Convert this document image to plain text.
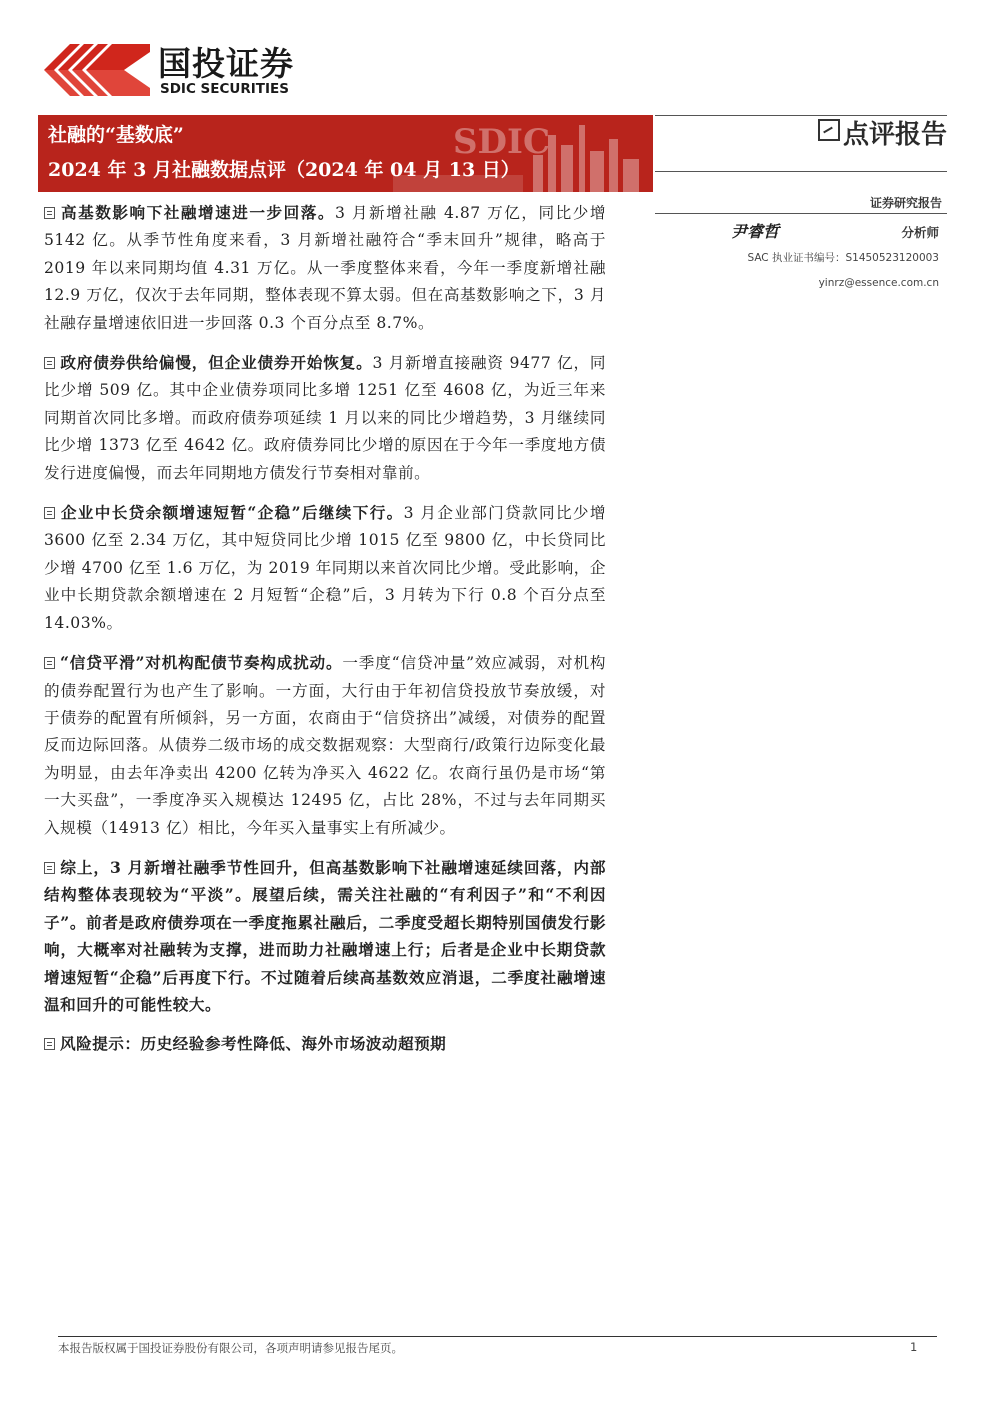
国投证券
SDIC SECURITIES
SDIC
社融的“基数底”
2024 年 3 月社融数据点评（2024 年 04 月 13 日）
点评报告
证券研究报告
尹睿哲	分析师
SAC 执业证书编号：S1450523120003
yinrz@essence.com.cn

高基数影响下社融增速进一步回落。3 月新增社融 4.87 万亿，同比少增 5142 亿。从季节性角度来看，3 月新增社融符合“季末回升”规律，略高于 2019 年以来同期均值 4.31 万亿。从一季度整体来看，今年一季度新增社融 12.9 万亿，仅次于去年同期，整体表现不算太弱。但在高基数影响之下，3 月社融存量增速依旧进一步回落 0.3 个百分点至 8.7%。

政府债券供给偏慢，但企业债券开始恢复。3 月新增直接融资 9477 亿，同比少增 509 亿。其中企业债券项同比多增 1251 亿至 4608 亿，为近三年来同期首次同比多增。而政府债券项延续 1 月以来的同比少增趋势，3 月继续同比少增 1373 亿至 4642 亿。政府债券同比少增的原因在于今年一季度地方债发行进度偏慢，而去年同期地方债发行节奏相对靠前。

企业中长贷余额增速短暂“企稳”后继续下行。3 月企业部门贷款同比少增 3600 亿至 2.34 万亿，其中短贷同比少增 1015 亿至 9800 亿，中长贷同比少增 4700 亿至 1.6 万亿，为 2019 年同期以来首次同比少增。受此影响，企业中长期贷款余额增速在 2 月短暂“企稳”后，3 月转为下行 0.8 个百分点至 14.03%。

“信贷平滑”对机构配债节奏构成扰动。一季度“信贷冲量”效应减弱，对机构的债券配置行为也产生了影响。一方面，大行由于年初信贷投放节奏放缓，对于债券的配置有所倾斜，另一方面，农商由于“信贷挤出”减缓，对债券的配置反而边际回落。从债券二级市场的成交数据观察：大型商行/政策行边际变化最为明显，由去年净卖出 4200 亿转为净买入 4622 亿。农商行虽仍是市场“第一大买盘”，一季度净买入规模达 12495 亿，占比 28%，不过与去年同期买入规模（14913 亿）相比，今年买入量事实上有所减少。

综上，3 月新增社融季节性回升，但高基数影响下社融增速延续回落，内部结构整体表现较为“平淡”。展望后续，需关注社融的“有利因子”和“不利因子”。前者是政府债券项在一季度拖累社融后，二季度受超长期特别国债发行影响，大概率对社融转为支撑，进而助力社融增速上行；后者是企业中长期贷款增速短暂“企稳”后再度下行。不过随着后续高基数效应消退，二季度社融增速温和回升的可能性较大。

风险提示：历史经验参考性降低、海外市场波动超预期

本报告版权属于国投证券股份有限公司，各项声明请参见报告尾页。	1
